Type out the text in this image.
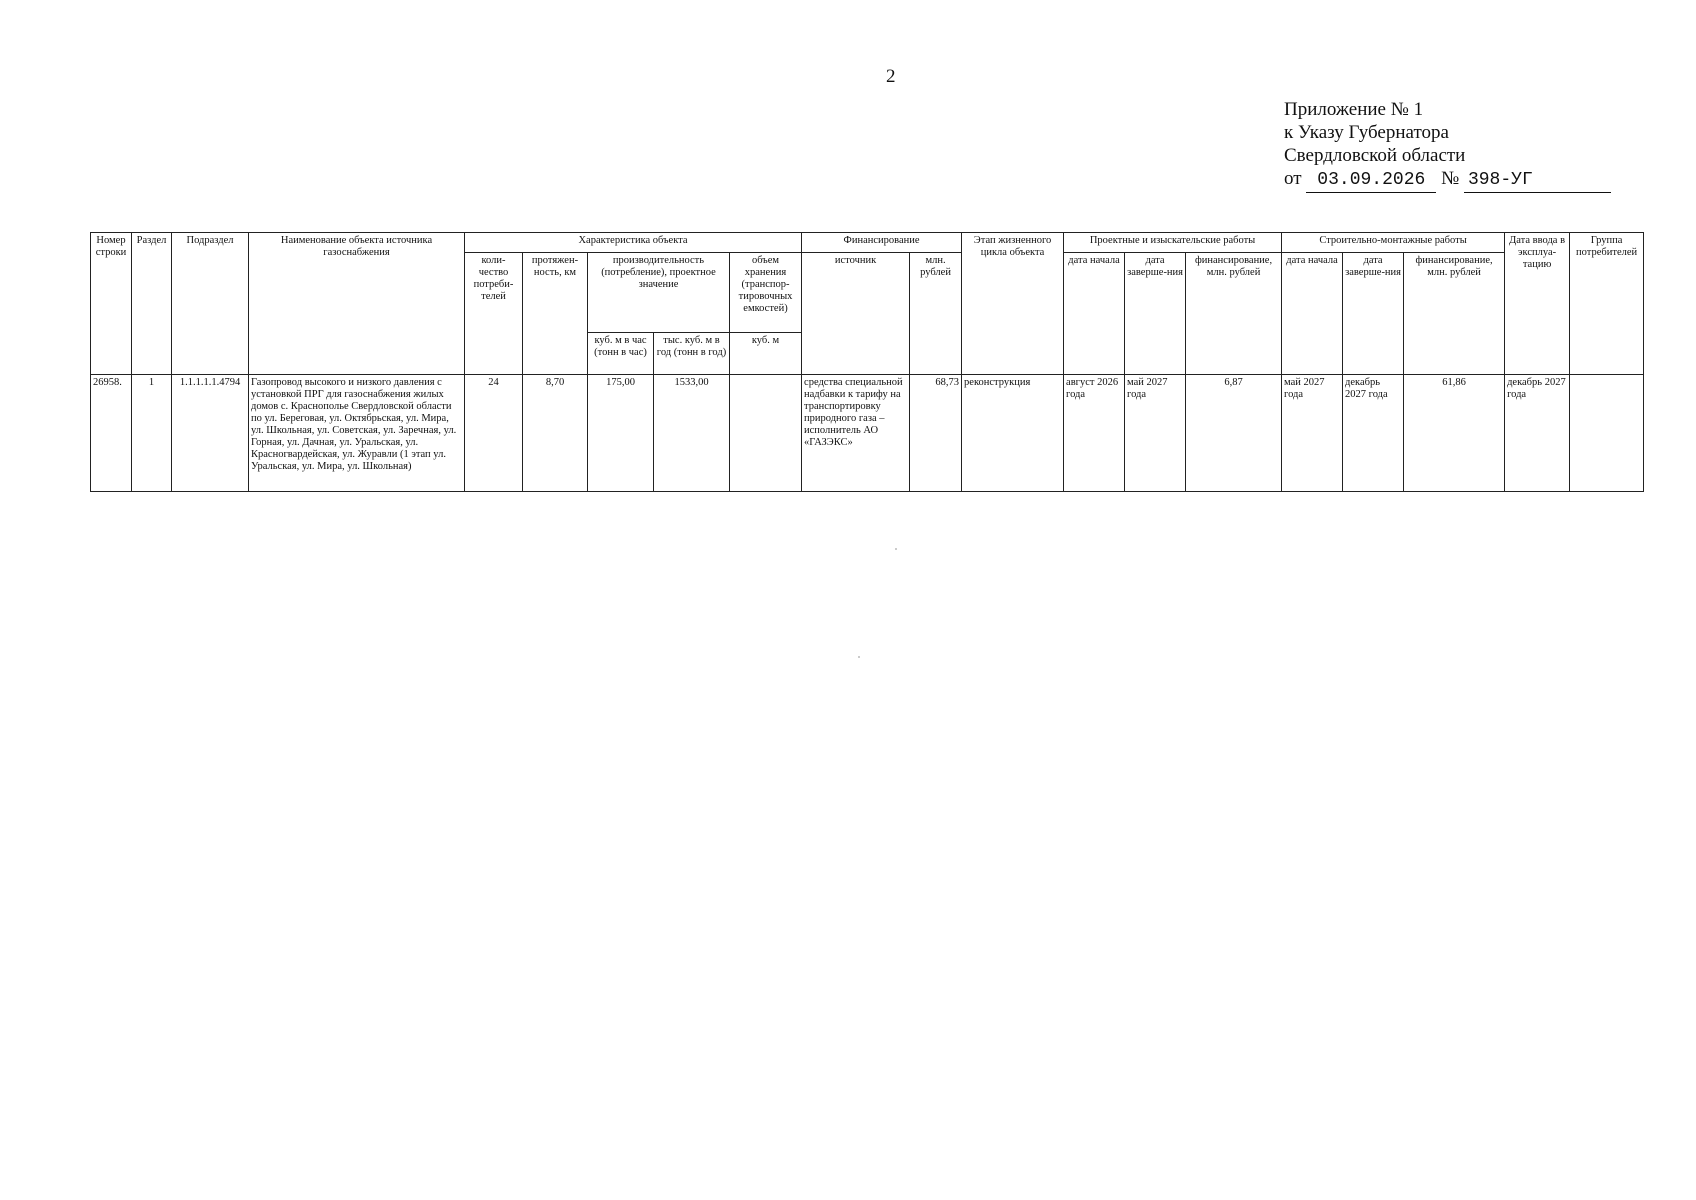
2
Приложение № 1
к Указу Губернатора
Свердловской области
от 03.09.2026 № 398-УГ
Номер строки	Раздел	Подраздел	Наименование объекта источника газоснабжения	Характеристика объекта					Финансирование		Этап жизненного цикла объекта	Проектные и изыскательские работы			Строительно-монтажные работы			Дата ввода в эксплуа-тацию	Группа потребителей
				коли-чество потреби-телей	протяжен-ность, км	производительность (потребление), проектное значение		объем хранения (транспор-тировочных емкостей)	источник	млн. рублей		дата начала	дата заверше-ния	финансирование, млн. рублей	дата начала	дата заверше-ния	финансирование, млн. рублей		
						куб. м в час (тонн в час)	тыс. куб. м в год (тонн в год)	куб. м											
26958.	1	1.1.1.1.1.4794	Газопровод высокого и низкого давления с установкой ПРГ для газоснабжения жилых домов с. Краснополье Свердловской области по ул. Береговая, ул. Октябрьская, ул. Мира, ул. Школьная, ул. Советская, ул. Заречная, ул. Горная, ул. Дачная, ул. Уральская, ул. Красногвардейская, ул. Журавли (1 этап ул. Уральская, ул. Мира, ул. Школьная)	24	8,70	175,00	1533,00		средства специальной надбавки к тарифу на транспортировку природного газа – исполнитель АО «ГАЗЭКС»	68,73	реконструкция	август 2026 года	май 2027 года	6,87	май 2027 года	декабрь 2027 года	61,86	декабрь 2027 года	
